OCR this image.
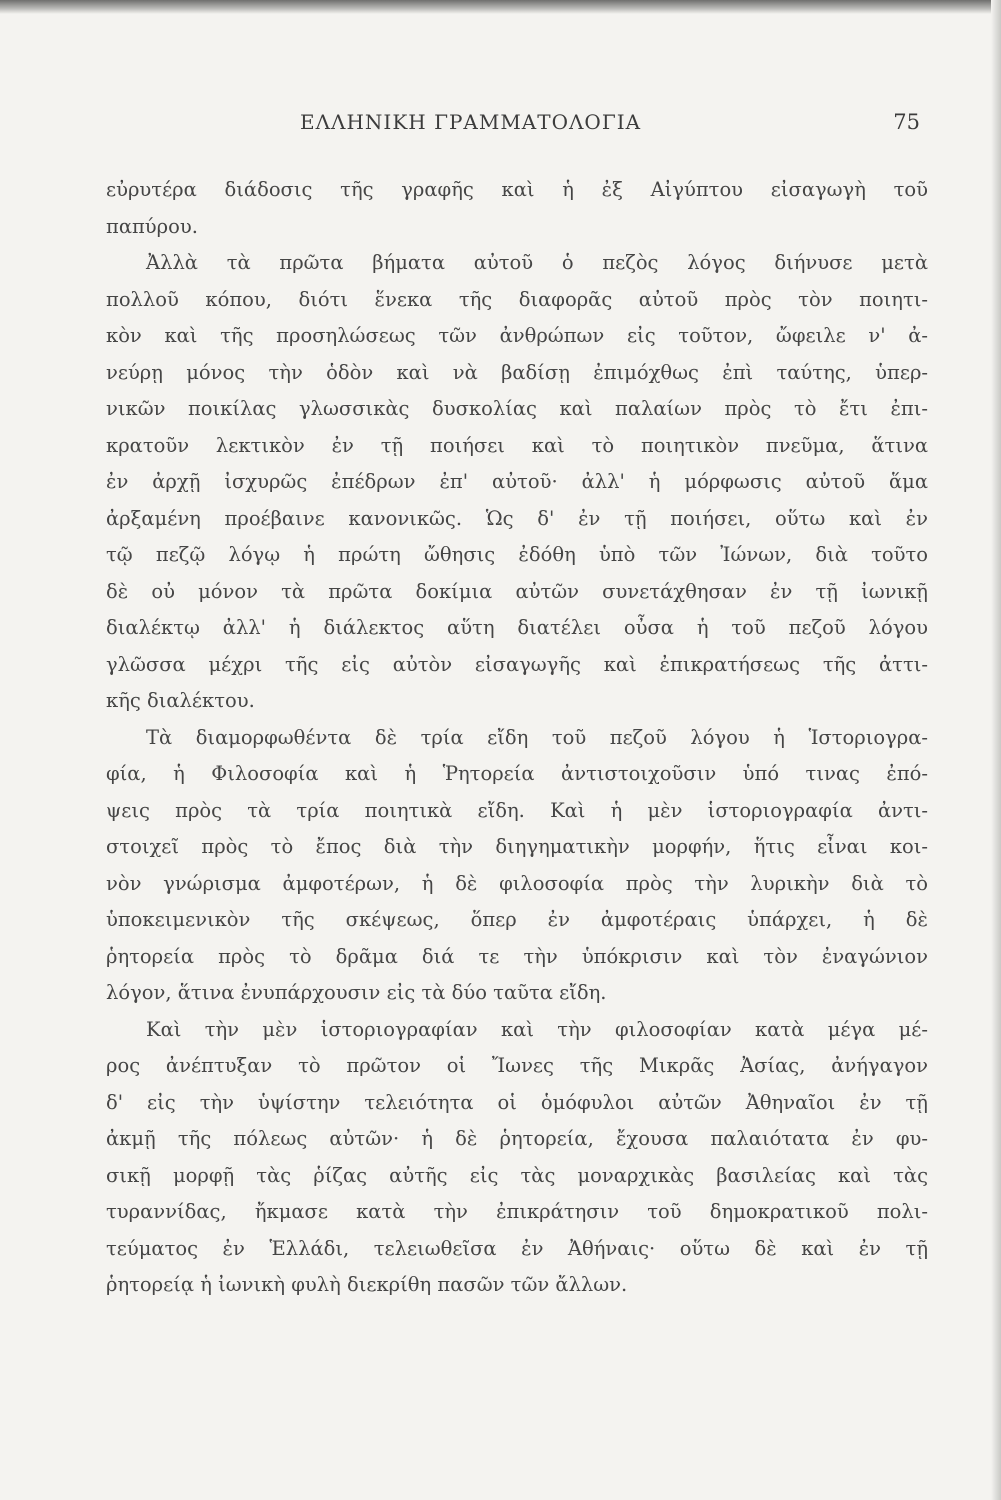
ΕΛΛΗΝΙΚΗ ΓΡΑΜΜΑΤΟΛΟΓΙΑ	75
εὐρυτέρα διάδοσις τῆς γραφῆς καὶ ἡ ἐξ Αἰγύπτου εἰσαγωγὴ τοῦ
παπύρου.
Ἀλλὰ τὰ πρῶτα βήματα αὐτοῦ ὁ πεζὸς λόγος διήνυσε μετὰ
πολλοῦ κόπου, διότι ἕνεκα τῆς διαφορᾶς αὐτοῦ πρὸς τὸν ποιητι-
κὸν καὶ τῆς προσηλώσεως τῶν ἀνθρώπων εἰς τοῦτον, ὤφειλε ν' ἀ-
νεύρῃ μόνος τὴν ὁδὸν καὶ νὰ βαδίσῃ ἐπιμόχθως ἐπὶ ταύτης, ὑπερ-
νικῶν ποικίλας γλωσσικὰς δυσκολίας καὶ παλαίων πρὸς τὸ ἔτι ἐπι-
κρατοῦν λεκτικὸν ἐν τῇ ποιήσει καὶ τὸ ποιητικὸν πνεῦμα, ἅτινα
ἐν ἀρχῇ ἰσχυρῶς ἐπέδρων ἐπ' αὐτοῦ· ἀλλ' ἡ μόρφωσις αὐτοῦ ἅμα
ἀρξαμένη προέβαινε κανονικῶς. Ὡς δ' ἐν τῇ ποιήσει, οὕτω καὶ ἐν
τῷ πεζῷ λόγῳ ἡ πρώτη ὤθησις ἐδόθη ὑπὸ τῶν Ἰώνων, διὰ τοῦτο
δὲ οὐ μόνον τὰ πρῶτα δοκίμια αὐτῶν συνετάχθησαν ἐν τῇ ἰωνικῇ
διαλέκτῳ ἀλλ' ἡ διάλεκτος αὕτη διατέλει οὖσα ἡ τοῦ πεζοῦ λόγου
γλῶσσα μέχρι τῆς εἰς αὐτὸν εἰσαγωγῆς καὶ ἐπικρατήσεως τῆς ἀττι-
κῆς διαλέκτου.
Τὰ διαμορφωθέντα δὲ τρία εἴδη τοῦ πεζοῦ λόγου ἡ Ἱστοριογρα-
φία, ἡ Φιλοσοφία καὶ ἡ Ῥητορεία ἀντιστοιχοῦσιν ὑπό τινας ἐπό-
ψεις πρὸς τὰ τρία ποιητικὰ εἴδη. Καὶ ἡ μὲν ἱστοριογραφία ἀντι-
στοιχεῖ πρὸς τὸ ἔπος διὰ τὴν διηγηματικὴν μορφήν, ἥτις εἶναι κοι-
νὸν γνώρισμα ἀμφοτέρων, ἡ δὲ φιλοσοφία πρὸς τὴν λυρικὴν διὰ τὸ
ὑποκειμενικὸν τῆς σκέψεως, ὅπερ ἐν ἀμφοτέραις ὑπάρχει, ἡ δὲ
ῥητορεία πρὸς τὸ δρᾶμα διά τε τὴν ὑπόκρισιν καὶ τὸν ἐναγώνιον
λόγον, ἅτινα ἐνυπάρχουσιν εἰς τὰ δύο ταῦτα εἴδη.
Καὶ τὴν μὲν ἱστοριογραφίαν καὶ τὴν φιλοσοφίαν κατὰ μέγα μέ-
ρος ἀνέπτυξαν τὸ πρῶτον οἱ Ἴωνες τῆς Μικρᾶς Ἀσίας, ἀνήγαγον
δ' εἰς τὴν ὑψίστην τελειότητα οἱ ὁμόφυλοι αὐτῶν Ἀθηναῖοι ἐν τῇ
ἀκμῇ τῆς πόλεως αὐτῶν· ἡ δὲ ῥητορεία, ἔχουσα παλαιότατα ἐν φυ-
σικῇ μορφῇ τὰς ῥίζας αὐτῆς εἰς τὰς μοναρχικὰς βασιλείας καὶ τὰς
τυραννίδας, ἤκμασε κατὰ τὴν ἐπικράτησιν τοῦ δημοκρατικοῦ πολι-
τεύματος ἐν Ἑλλάδι, τελειωθεῖσα ἐν Ἀθήναις· οὕτω δὲ καὶ ἐν τῇ
ῥητορείᾳ ἡ ἰωνικὴ φυλὴ διεκρίθη πασῶν τῶν ἄλλων.
